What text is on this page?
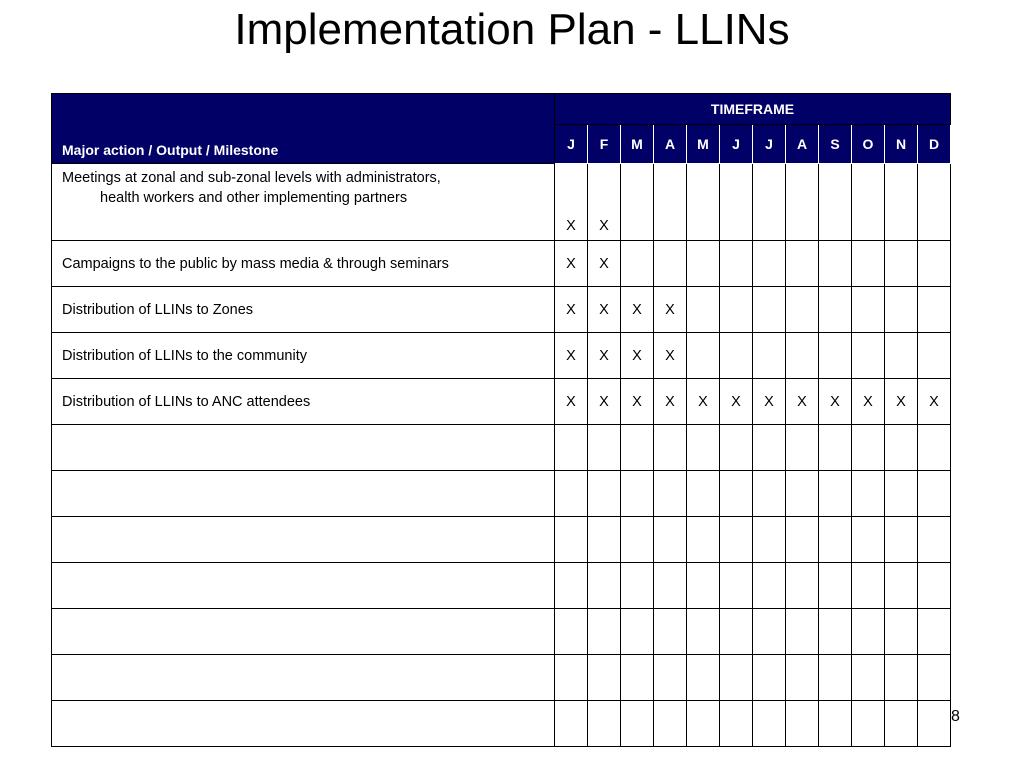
Implementation Plan - LLINs
Major action / Output / Milestone	TIMEFRAME											
	J	F	M	A	M	J	J	A	S	O	N	D

Meetings at zonal and sub-zonal levels with administrators,
health workers and other implementing partners	X	X										
Campaigns to the public by mass media & through seminars	X	X										
Distribution of LLINs to Zones	X	X	X	X								
Distribution of LLINs to the community	X	X	X	X								
Distribution of LLINs to ANC attendees	X	X	X	X	X	X	X	X	X	X	X	X

8
